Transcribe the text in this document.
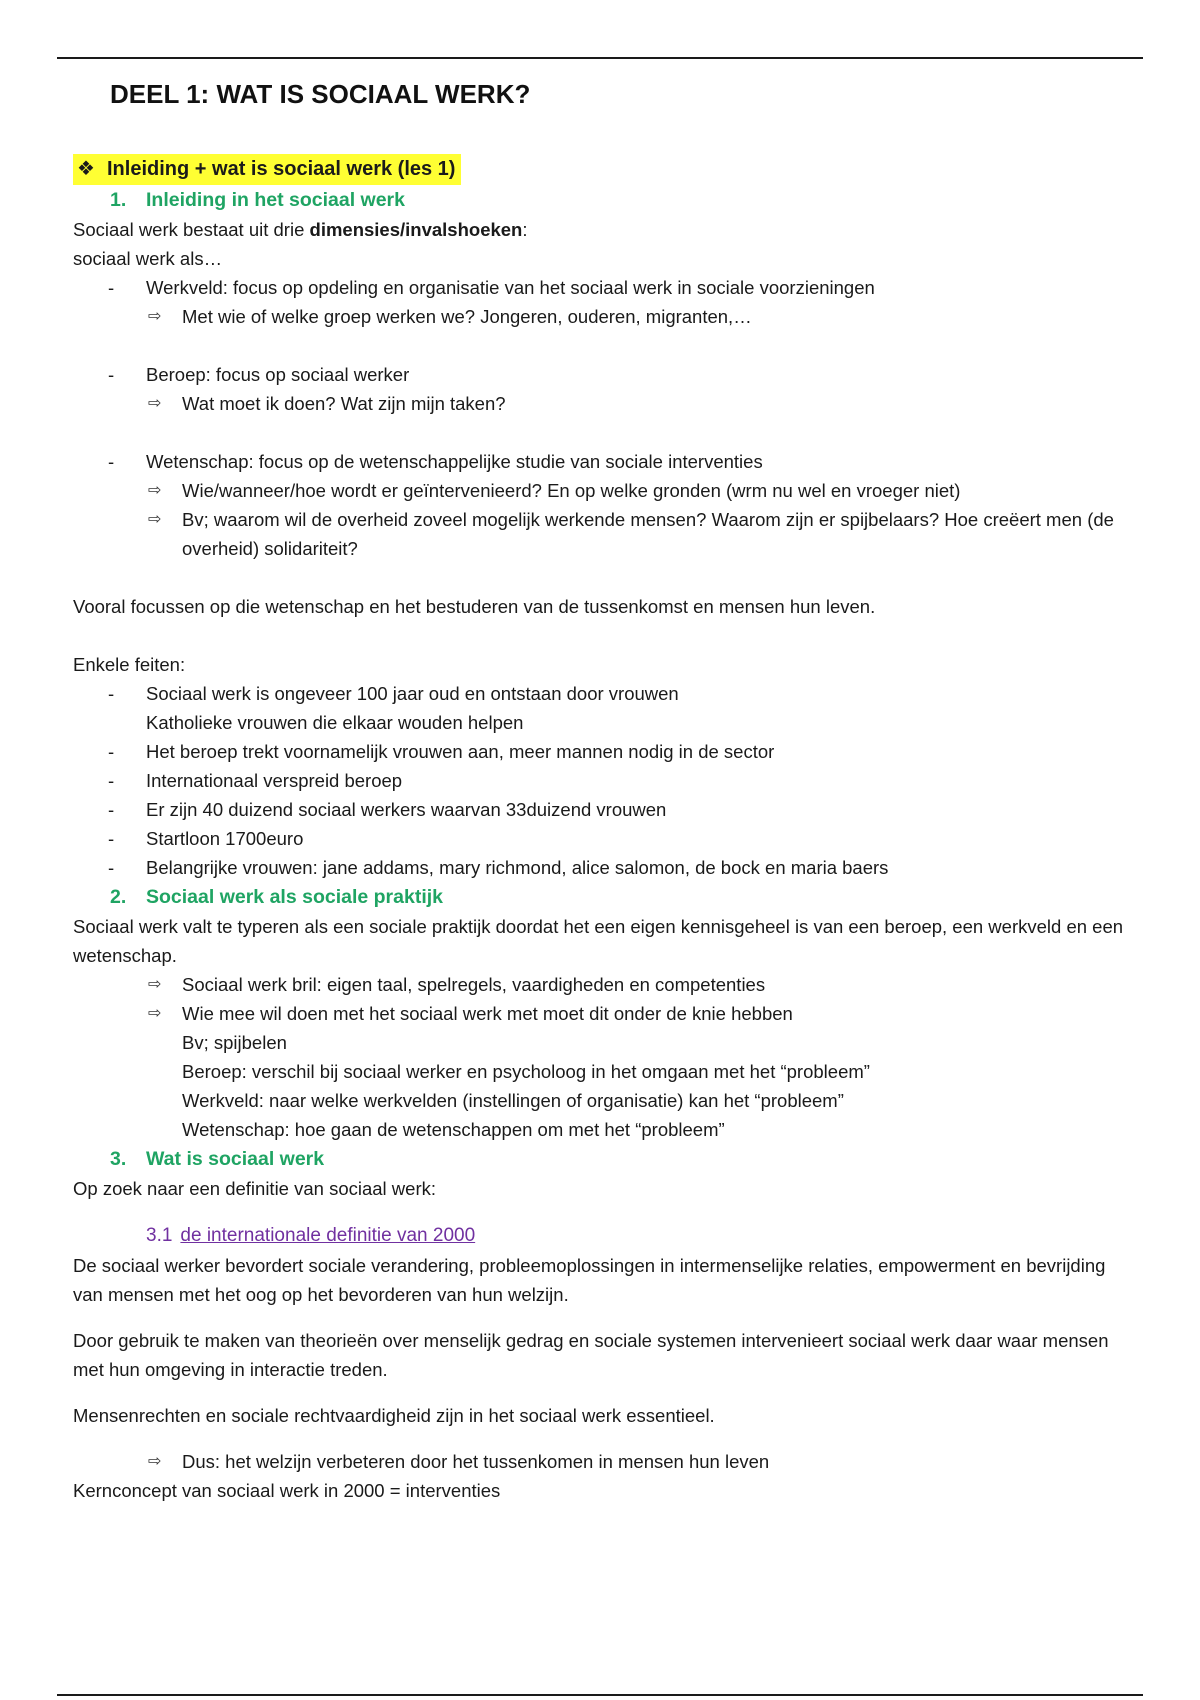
DEEL 1: WAT IS SOCIAAL WERK?
❖ Inleiding + wat is sociaal werk (les 1)
1. Inleiding in het sociaal werk

Sociaal werk bestaat uit drie dimensies/invalshoeken:

sociaal werk als…

- Werkveld: focus op opdeling en organisatie van het sociaal werk in sociale voorzieningen
⇨ Met wie of welke groep werken we? Jongeren, ouderen, migranten,…
- Beroep: focus op sociaal werker
⇨ Wat moet ik doen? Wat zijn mijn taken?
- Wetenschap: focus op de wetenschappelijke studie van sociale interventies
⇨ Wie/wanneer/hoe wordt er geïntervenieerd? En op welke gronden (wrm nu wel en vroeger niet)
⇨ Bv; waarom wil de overheid zoveel mogelijk werkende mensen? Waarom zijn er spijbelaars? Hoe creëert men (de overheid) solidariteit?

Vooral focussen op die wetenschap en het bestuderen van de tussenkomst en mensen hun leven.

Enkele feiten:

- Sociaal werk is ongeveer 100 jaar oud en ontstaan door vrouwen
Katholieke vrouwen die elkaar wouden helpen
- Het beroep trekt voornamelijk vrouwen aan, meer mannen nodig in de sector
- Internationaal verspreid beroep
- Er zijn 40 duizend sociaal werkers waarvan 33duizend vrouwen
- Startloon 1700euro
- Belangrijke vrouwen: jane addams, mary richmond, alice salomon, de bock en maria baers
2. Sociaal werk als sociale praktijk

Sociaal werk valt te typeren als een sociale praktijk doordat het een eigen kennisgeheel is van een beroep, een werkveld en een wetenschap.

⇨ Sociaal werk bril: eigen taal, spelregels, vaardigheden en competenties
⇨ Wie mee wil doen met het sociaal werk met moet dit onder de knie hebben
Bv; spijbelen
Beroep: verschil bij sociaal werker en psycholoog in het omgaan met het “probleem”
Werkveld: naar welke werkvelden (instellingen of organisatie) kan het “probleem”
Wetenschap: hoe gaan de wetenschappen om met het “probleem”
3. Wat is sociaal werk

Op zoek naar een definitie van sociaal werk:

3.1 de internationale definitie van 2000

De sociaal werker bevordert sociale verandering, probleemoplossingen in intermenselijke relaties, empowerment en bevrijding van mensen met het oog op het bevorderen van hun welzijn.

Door gebruik te maken van theorieën over menselijk gedrag en sociale systemen intervenieert sociaal werk daar waar mensen met hun omgeving in interactie treden.

Mensenrechten en sociale rechtvaardigheid zijn in het sociaal werk essentieel.

⇨ Dus: het welzijn verbeteren door het tussenkomen in mensen hun leven

Kernconcept van sociaal werk in 2000 = interventies
